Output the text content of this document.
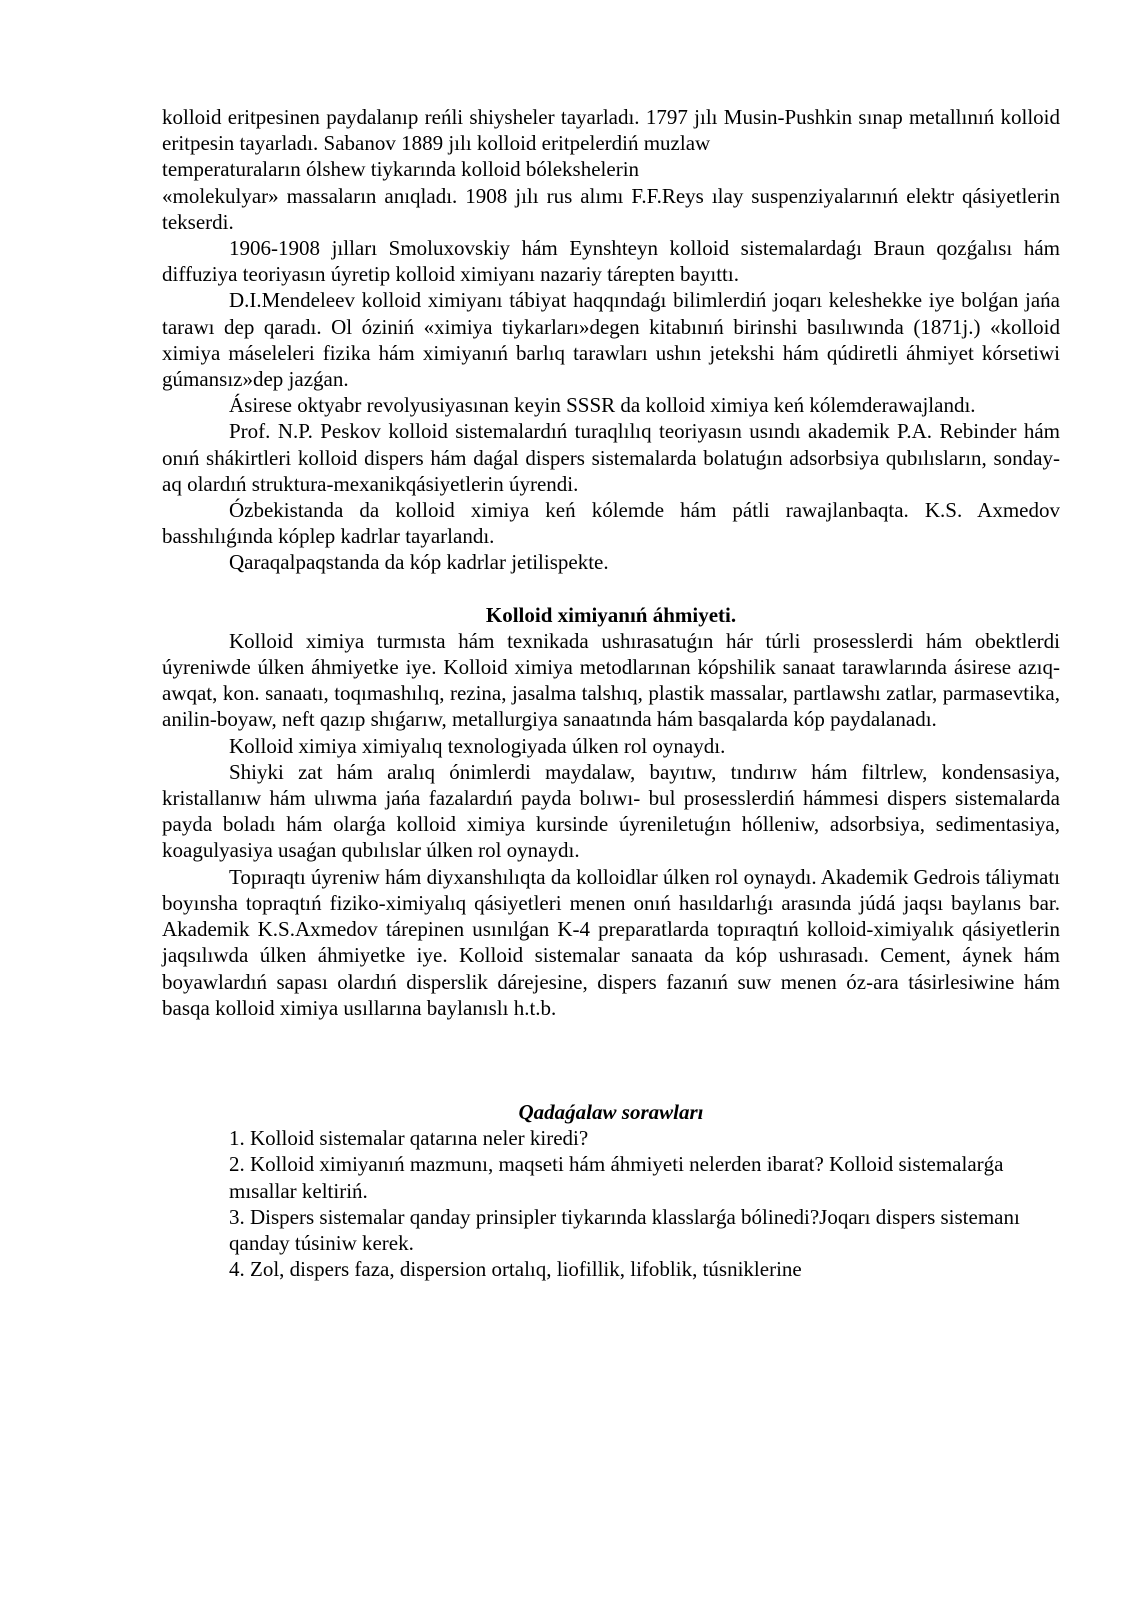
kolloid eritpesinen paydalanıp reńli shiysheler tayarladı. 1797 jılı Musin-Pushkin sınap metallınıń kolloid eritpesin tayarladı. Sabanov 1889 jılı kolloid eritpelerdiń muzlaw

temperaturaların ólshew tiykarında kolloid bólekshelerin

«molekulyar» massaların anıqladı. 1908 jılı rus alımı F.F.Reys ılay suspenziyalarınıń elektr qásiyetlerin tekserdi.

1906-1908 jılları Smoluxovskiy hám Eynshteyn kolloid sistemalardaǵı Braun qozǵalısı hám diffuziya teoriyasın úyretip kolloid ximiyanı nazariy tárepten bayıttı.

D.I.Mendeleev kolloid ximiyanı tábiyat haqqındaǵı bilimlerdiń joqarı keleshekke iye bolǵan jańa tarawı dep qaradı. Ol óziniń «ximiya tiykarları»degen kitabınıń birinshi basılıwında (1871j.) «kolloid ximiya máseleleri fizika hám ximiyanıń barlıq tarawları ushın jetekshi hám qúdiretli áhmiyet kórsetiwi gúmansız»dep jazǵan.

Ásirese oktyabr revolyusiyasınan keyin SSSR da kolloid ximiya keń kólemderawajlandı.

Prof. N.P. Peskov kolloid sistemalardıń turaqlılıq teoriyasın usındı akademik P.A. Rebinder hám onıń shákirtleri kolloid dispers hám daǵal dispers sistemalarda bolatuǵın adsorbsiya qubılısların, sonday-aq olardıń struktura-mexanikqásiyetlerin úyrendi.

Ózbekistanda da kolloid ximiya keń kólemde hám pátli rawajlanbaqta. K.S. Axmedov basshılıǵında kóplep kadrlar tayarlandı.

Qaraqalpaqstanda da kóp kadrlar jetilispekte.

Kolloid ximiyanıń áhmiyeti.

Kolloid ximiya turmısta hám texnikada ushırasatuǵın hár túrli prosesslerdi hám obektlerdi úyreniwde úlken áhmiyetke iye. Kolloid ximiya metodlarınan kópshilik sanaat tarawlarında ásirese azıq-awqat, kon. sanaatı, toqımashılıq, rezina, jasalma talshıq, plastik massalar, partlawshı zatlar, parmasevtika, anilin-boyaw, neft qazıp shıǵarıw, metallurgiya sanaatında hám basqalarda kóp paydalanadı.

Kolloid ximiya ximiyalıq texnologiyada úlken rol oynaydı.

Shiyki zat hám aralıq ónimlerdi maydalaw, bayıtıw, tındırıw hám filtrlew, kondensasiya, kristallanıw hám ulıwma jańa fazalardıń payda bolıwı- bul prosesslerdiń hámmesi dispers sistemalarda payda boladı hám olarǵa kolloid ximiya kursinde úyreniletuǵın hólleniw, adsorbsiya, sedimentasiya, koagulyasiya usaǵan qubılıslar úlken rol oynaydı.

Topıraqtı úyreniw hám diyxanshılıqta da kolloidlar úlken rol oynaydı. Akademik Gedrois táliymatı boyınsha topraqtıń fiziko-ximiyalıq qásiyetleri menen onıń hasıldarlıǵı arasında júdá jaqsı baylanıs bar. Akademik K.S.Axmedov tárepinen usınılǵan K-4 preparatlarda topıraqtıń kolloid-ximiyalık qásiyetlerin jaqsılıwda úlken áhmiyetke iye. Kolloid sistemalar sanaata da kóp ushırasadı. Cement, áynek hám boyawlardıń sapası olardıń disperslik dárejesine, dispers fazanıń suw menen óz-ara tásirlesiwine hám basqa kolloid ximiya usıllarına baylanıslı h.t.b.

Qadaǵalaw sorawları

1. Kolloid sistemalar qatarına neler kiredi?

2. Kolloid ximiyanıń mazmunı, maqseti hám áhmiyeti nelerden ibarat? Kolloid sistemalarǵa mısallar keltiriń.

3. Dispers sistemalar qanday prinsipler tiykarında klasslarǵa bólinedi?Joqarı dispers sistemanı qanday túsiniw kerek.

4. Zol, dispers faza, dispersion ortalıq, liofillik, lifoblik, túsniklerine
